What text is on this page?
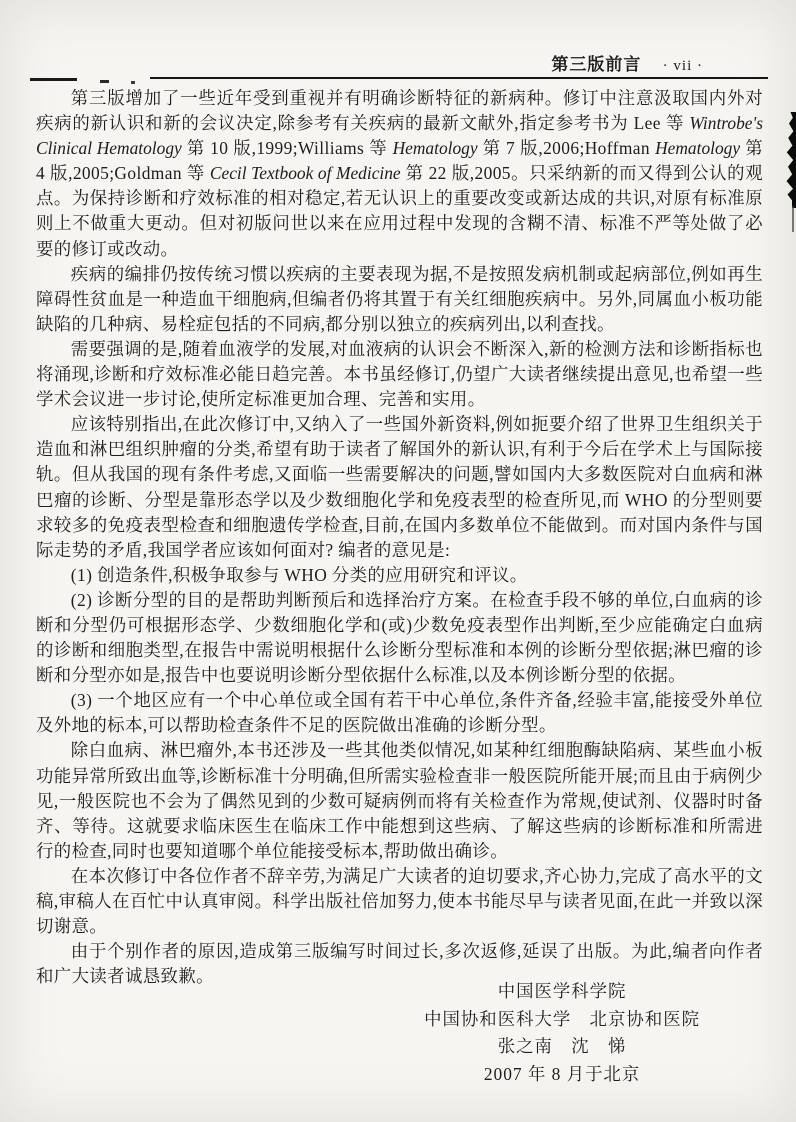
第三版前言 · vii ·

第三版增加了一些近年受到重视并有明确诊断特征的新病种。修订中注意汲取国内外对疾病的新认识和新的会议决定,除参考有关疾病的最新文献外,指定参考书为 Lee 等 Wintrobe's Clinical Hematology 第 10 版,1999;Williams 等 Hematology 第 7 版,2006;Hoffman Hematology 第 4 版,2005;Goldman 等 Cecil Textbook of Medicine 第 22 版,2005。只采纳新的而又得到公认的观点。为保持诊断和疗效标准的相对稳定,若无认识上的重要改变或新达成的共识,对原有标准原则上不做重大更动。但对初版问世以来在应用过程中发现的含糊不清、标准不严等处做了必要的修订或改动。

疾病的编排仍按传统习惯以疾病的主要表现为据,不是按照发病机制或起病部位,例如再生障碍性贫血是一种造血干细胞病,但编者仍将其置于有关红细胞疾病中。另外,同属血小板功能缺陷的几种病、易栓症包括的不同病,都分别以独立的疾病列出,以利查找。

需要强调的是,随着血液学的发展,对血液病的认识会不断深入,新的检测方法和诊断指标也将涌现,诊断和疗效标准必能日趋完善。本书虽经修订,仍望广大读者继续提出意见,也希望一些学术会议进一步讨论,使所定标准更加合理、完善和实用。

应该特别指出,在此次修订中,又纳入了一些国外新资料,例如扼要介绍了世界卫生组织关于造血和淋巴组织肿瘤的分类,希望有助于读者了解国外的新认识,有利于今后在学术上与国际接轨。但从我国的现有条件考虑,又面临一些需要解决的问题,譬如国内大多数医院对白血病和淋巴瘤的诊断、分型是靠形态学以及少数细胞化学和免疫表型的检查所见,而 WHO 的分型则要求较多的免疫表型检查和细胞遗传学检查,目前,在国内多数单位不能做到。而对国内条件与国际走势的矛盾,我国学者应该如何面对? 编者的意见是:

(1) 创造条件,积极争取参与 WHO 分类的应用研究和评议。

(2) 诊断分型的目的是帮助判断预后和选择治疗方案。在检查手段不够的单位,白血病的诊断和分型仍可根据形态学、少数细胞化学和(或)少数免疫表型作出判断,至少应能确定白血病的诊断和细胞类型,在报告中需说明根据什么诊断分型标准和本例的诊断分型依据;淋巴瘤的诊断和分型亦如是,报告中也要说明诊断分型依据什么标准,以及本例诊断分型的依据。

(3) 一个地区应有一个中心单位或全国有若干中心单位,条件齐备,经验丰富,能接受外单位及外地的标本,可以帮助检查条件不足的医院做出准确的诊断分型。

除白血病、淋巴瘤外,本书还涉及一些其他类似情况,如某种红细胞酶缺陷病、某些血小板功能异常所致出血等,诊断标准十分明确,但所需实验检查非一般医院所能开展;而且由于病例少见,一般医院也不会为了偶然见到的少数可疑病例而将有关检查作为常规,使试剂、仪器时时备齐、等待。这就要求临床医生在临床工作中能想到这些病、了解这些病的诊断标准和所需进行的检查,同时也要知道哪个单位能接受标本,帮助做出确诊。

在本次修订中各位作者不辞辛劳,为满足广大读者的迫切要求,齐心协力,完成了高水平的文稿,审稿人在百忙中认真审阅。科学出版社倍加努力,使本书能尽早与读者见面,在此一并致以深切谢意。

由于个别作者的原因,造成第三版编写时间过长,多次返修,延误了出版。为此,编者向作者和广大读者诚恳致歉。

中国医学科学院
中国协和医科大学　北京协和医院
张之南　沈　悌
2007 年 8 月于北京
